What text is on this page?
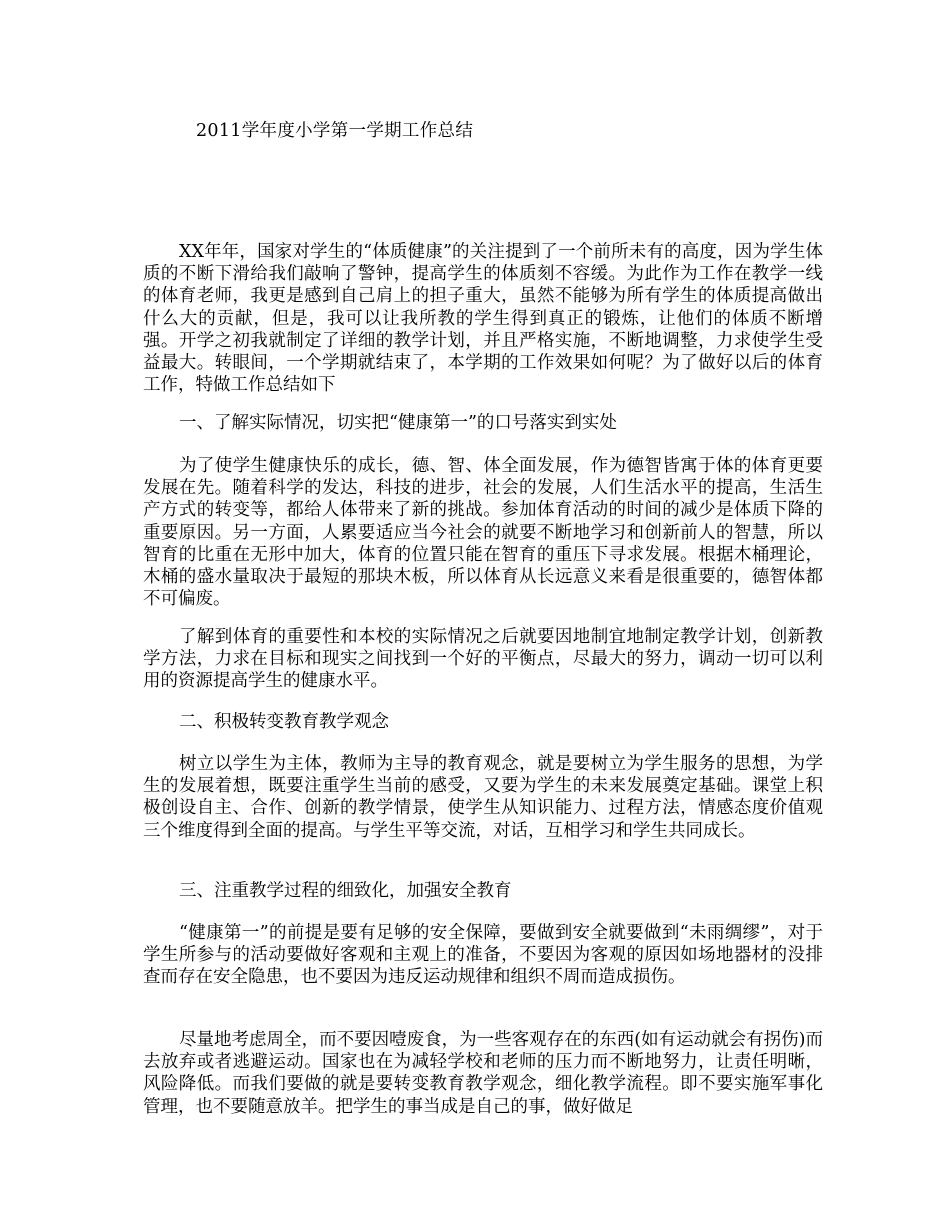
2011学年度小学第一学期工作总结

XX年年，国家对学生的“体质健康”的关注提到了一个前所未有的高度，因为学生体质的不断下滑给我们敲响了警钟，提高学生的体质刻不容缓。为此作为工作在教学一线的体育老师，我更是感到自己肩上的担子重大，虽然不能够为所有学生的体质提高做出什么大的贡献，但是，我可以让我所教的学生得到真正的锻炼，让他们的体质不断增强。开学之初我就制定了详细的教学计划，并且严格实施，不断地调整，力求使学生受益最大。转眼间，一个学期就结束了，本学期的工作效果如何呢？为了做好以后的体育工作，特做工作总结如下

一、了解实际情况，切实把“健康第一”的口号落实到实处

为了使学生健康快乐的成长，德、智、体全面发展，作为德智皆寓于体的体育更要发展在先。随着科学的发达，科技的进步，社会的发展，人们生活水平的提高，生活生产方式的转变等，都给人体带来了新的挑战。参加体育活动的时间的减少是体质下降的重要原因。另一方面，人累要适应当今社会的就要不断地学习和创新前人的智慧，所以智育的比重在无形中加大，体育的位置只能在智育的重压下寻求发展。根据木桶理论，木桶的盛水量取决于最短的那块木板，所以体育从长远意义来看是很重要的，德智体都不可偏废。

了解到体育的重要性和本校的实际情况之后就要因地制宜地制定教学计划，创新教学方法，力求在目标和现实之间找到一个好的平衡点，尽最大的努力，调动一切可以利用的资源提高学生的健康水平。

二、积极转变教育教学观念

树立以学生为主体，教师为主导的教育观念，就是要树立为学生服务的思想，为学生的发展着想，既要注重学生当前的感受，又要为学生的未来发展奠定基础。课堂上积极创设自主、合作、创新的教学情景，使学生从知识能力、过程方法，情感态度价值观三个维度得到全面的提高。与学生平等交流，对话，互相学习和学生共同成长。

三、注重教学过程的细致化，加强安全教育

“健康第一”的前提是要有足够的安全保障，要做到安全就要做到“未雨绸缪”，对于学生所参与的活动要做好客观和主观上的准备，不要因为客观的原因如场地器材的没排查而存在安全隐患，也不要因为违反运动规律和组织不周而造成损伤。

尽量地考虑周全，而不要因噎废食，为一些客观存在的东西(如有运动就会有拐伤)而去放弃或者逃避运动。国家也在为减轻学校和老师的压力而不断地努力，让责任明晰，风险降低。而我们要做的就是要转变教育教学观念，细化教学流程。即不要实施军事化管理，也不要随意放羊。把学生的事当成是自己的事，做好做足
